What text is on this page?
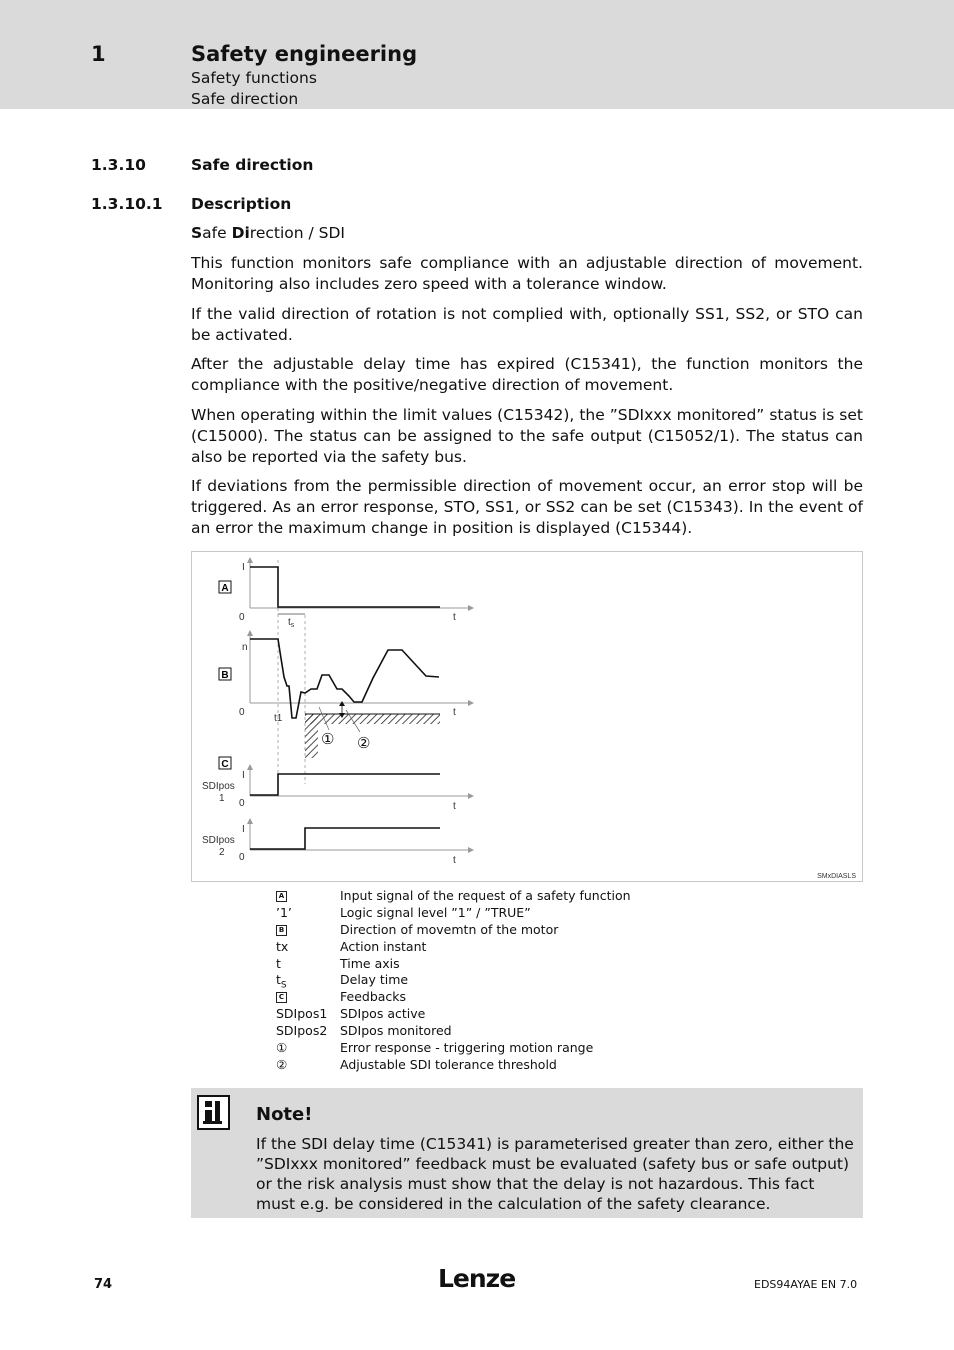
1	Safety engineering
Safety functions
Safe direction
1.3.10	Safe direction
1.3.10.1 Description
Safe Direction / SDI
This function monitors safe compliance with an adjustable direction of movement. Monitoring also includes zero speed with a tolerance window.
If the valid direction of rotation is not complied with, optionally SS1, SS2, or STO can be activated.
After the adjustable delay time has expired (C15341), the function monitors the compliance with the positive/negative direction of movement.
When operating within the limit values (C15342), the ”SDIxxx monitored” status is set (C15000). The status can be assigned to the safe output (C15052/1). The status can also be reported via the safety bus.
If deviations from the permissible direction of movement occur, an error stop will be triggered. As an error response, STO, SS1, or SS2 can be set (C15343). In the event of an error the maximum change in position is displayed (C15344).
A
I
0	t
$t_s$
B
n
0	t
t1
① ②
C
I
0	t
SDIpos
1
I
0	t
SDIpos
2
SMxDIASLS
A	Input signal of the request of a safety function
’1’	Logic signal level ”1” / ”TRUE”
B	Direction of movemtn of the motor
tx	Action instant
t	Time axis
$t_S$	Delay time
C	Feedbacks
SDIpos1	SDIpos active
SDIpos2	SDIpos monitored
①	Error response - triggering motion range
②	Adjustable SDI tolerance threshold
Note!
If the SDI delay time (C15341) is parameterised greater than zero, either the ”SDIxxx monitored” feedback must be evaluated (safety bus or safe output) or the risk analysis must show that the delay is not hazardous. This fact must e.g. be considered in the calculation of the safety clearance.
74	Lenze	EDS94AYAE EN 7.0
